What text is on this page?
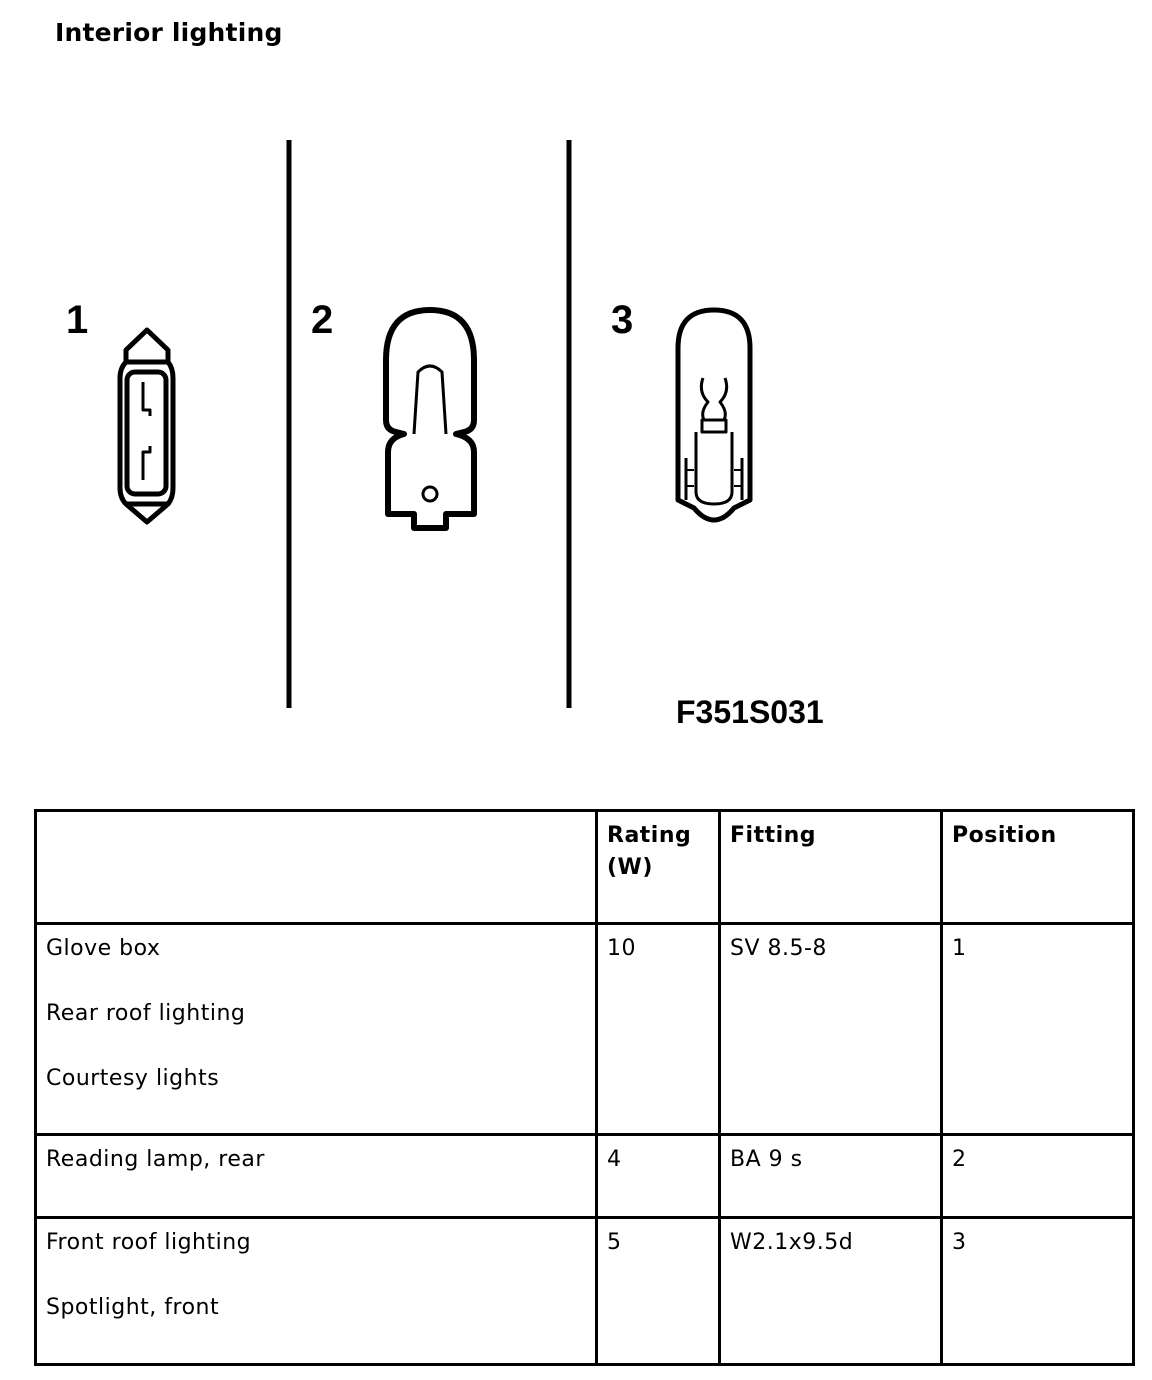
Interior lighting
1	2	3
F351S031
	Rating (W)	Fitting	Position

Glove box
Rear roof lighting
Courtesy lights	10	SV 8.5-8	1

Reading lamp, rear	4	BA 9 s	2

Front roof lighting
Spotlight, front	5	W2.1x9.5d	3
